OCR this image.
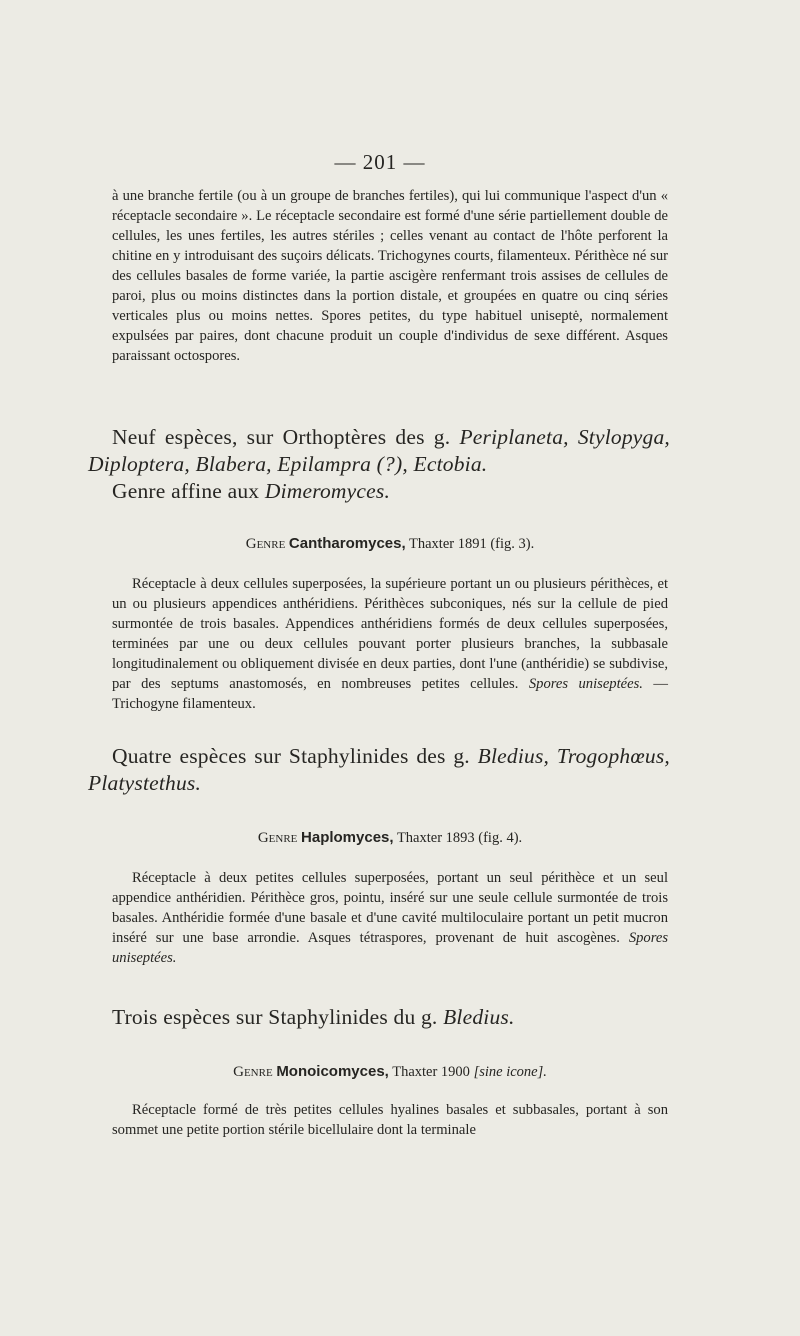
— 201 —

à une branche fertile (ou à un groupe de branches fertiles), qui lui communique l'aspect d'un « réceptacle secondaire ». Le réceptacle secondaire est formé d'une série partiellement double de cellules, les unes fertiles, les autres stériles ; celles venant au contact de l'hôte perforent la chitine en y introduisant des suçoirs délicats. Trichogynes courts, filamenteux. Périthèce né sur des cellules basales de forme variée, la partie ascigère renfermant trois assises de cellules de paroi, plus ou moins distinctes dans la portion distale, et groupées en quatre ou cinq séries verticales plus ou moins nettes. Spores petites, du type habituel uniseptė, normalement expulsées par paires, dont chacune produit un couple d'individus de sexe différent. Asques paraissant octospores.

Neuf espèces, sur Orthoptères des g. Periplaneta, Stylopyga, Diploptera, Blabera, Epilampra (?), Ectobia.

Genre affine aux Dimeromyces.

Genre Cantharomyces, Thaxter 1891 (fig. 3).

Réceptacle à deux cellules superposées, la supérieure portant un ou plusieurs périthèces, et un ou plusieurs appendices anthéridiens. Périthèces subconiques, nés sur la cellule de pied surmontée de trois basales. Appendices anthéridiens formés de deux cellules superposées, terminées par une ou deux cellules pouvant porter plusieurs branches, la subbasale longitudinalement ou obliquement divisée en deux parties, dont l'une (anthéridie) se subdivise, par des septums anastomosés, en nombreuses petites cellules. Spores uniseptées. — Trichogyne filamenteux.

Quatre espèces sur Staphylinides des g. Bledius, Trogophœus, Platystethus.

Genre Haplomyces, Thaxter 1893 (fig. 4).

Réceptacle à deux petites cellules superposées, portant un seul périthèce et un seul appendice anthéridien. Périthèce gros, pointu, inséré sur une seule cellule surmontée de trois basales. Anthéridie formée d'une basale et d'une cavité multiloculaire portant un petit mucron inséré sur une base arrondie. Asques tétraspores, provenant de huit ascogènes. Spores uniseptées.

Trois espèces sur Staphylinides du g. Bledius.

Genre Monoicomyces, Thaxter 1900 [sine icone].

Réceptacle formé de très petites cellules hyalines basales et subbasales, portant à son sommet une petite portion stérile bicellulaire dont la terminale
